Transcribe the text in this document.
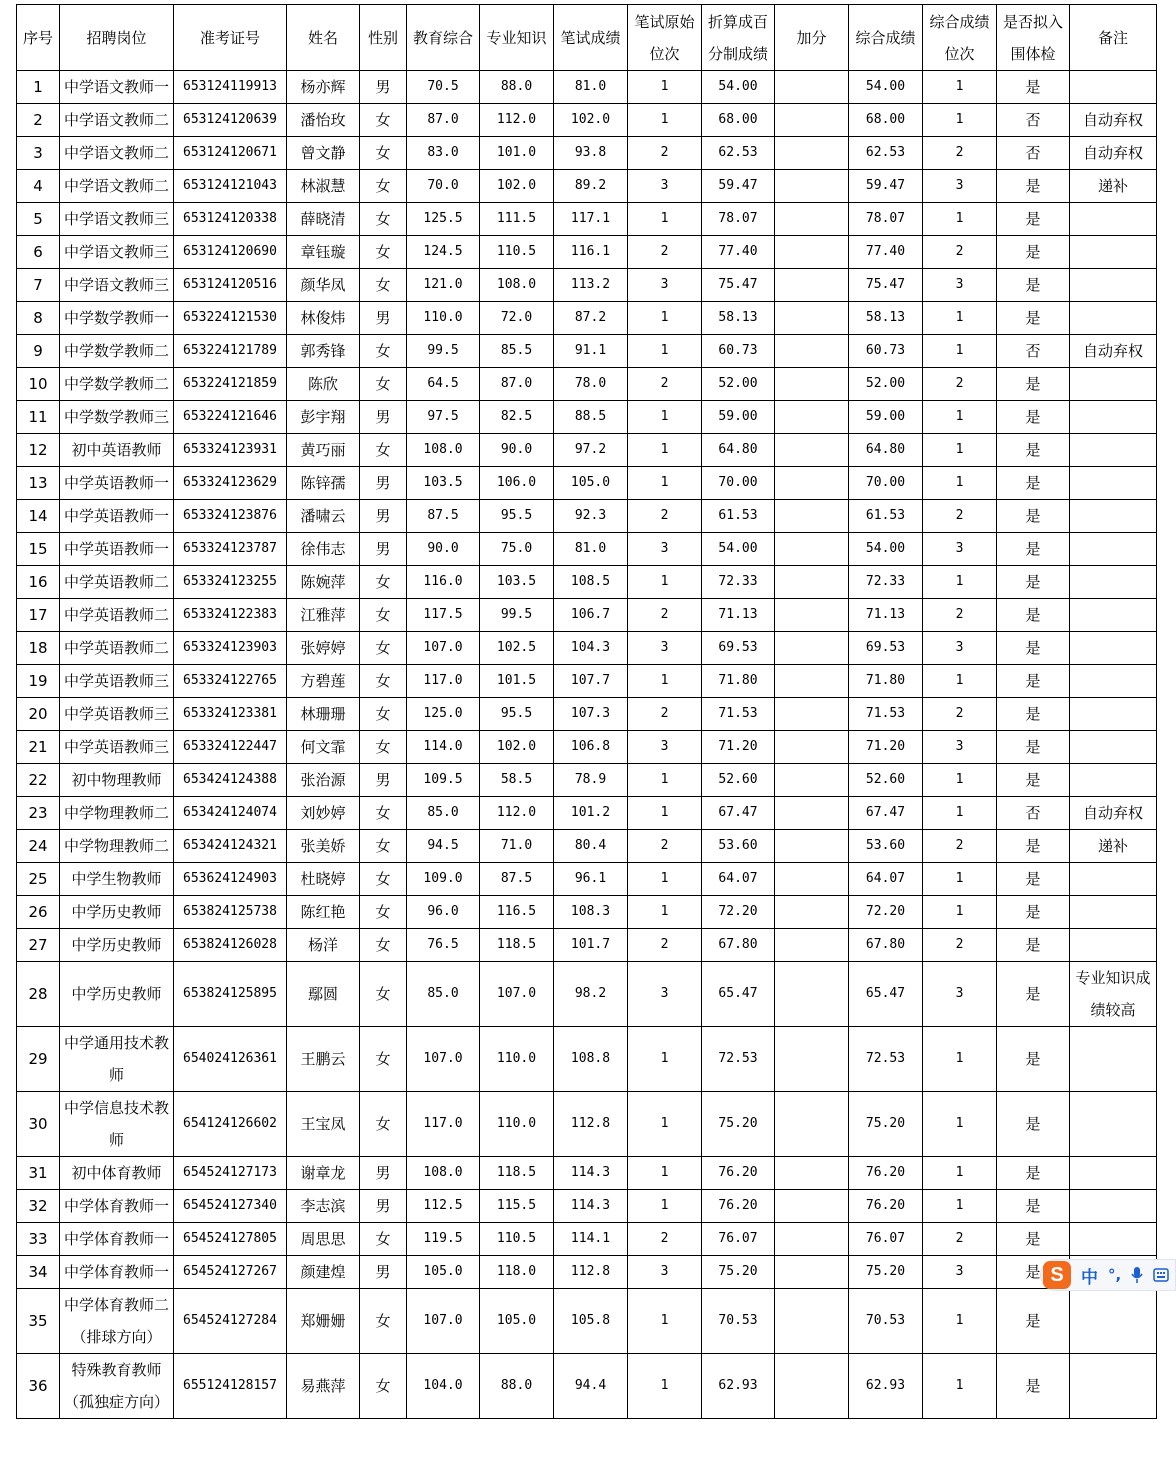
序号	招聘岗位	准考证号	姓名	性别	教育综合	专业知识	笔试成绩	笔试原始位次	折算成百分制成绩	加分	综合成绩	综合成绩位次	是否拟入围体检	备注
1	中学语文教师一	653124119913	杨亦辉	男	70.5	88.0	81.0	1	54.00		54.00	1	是	
2	中学语文教师二	653124120639	潘怡玫	女	87.0	112.0	102.0	1	68.00		68.00	1	否	自动弃权
3	中学语文教师二	653124120671	曾文静	女	83.0	101.0	93.8	2	62.53		62.53	2	否	自动弃权
4	中学语文教师二	653124121043	林淑慧	女	70.0	102.0	89.2	3	59.47		59.47	3	是	递补
5	中学语文教师三	653124120338	薛晓清	女	125.5	111.5	117.1	1	78.07		78.07	1	是	
6	中学语文教师三	653124120690	章钰璇	女	124.5	110.5	116.1	2	77.40		77.40	2	是	
7	中学语文教师三	653124120516	颜华凤	女	121.0	108.0	113.2	3	75.47		75.47	3	是	
8	中学数学教师一	653224121530	林俊炜	男	110.0	72.0	87.2	1	58.13		58.13	1	是	
9	中学数学教师二	653224121789	郭秀锋	女	99.5	85.5	91.1	1	60.73		60.73	1	否	自动弃权
10	中学数学教师二	653224121859	陈欣	女	64.5	87.0	78.0	2	52.00		52.00	2	是	
11	中学数学教师三	653224121646	彭宇翔	男	97.5	82.5	88.5	1	59.00		59.00	1	是	
12	初中英语教师	653324123931	黄巧丽	女	108.0	90.0	97.2	1	64.80		64.80	1	是	
13	中学英语教师一	653324123629	陈锌孺	男	103.5	106.0	105.0	1	70.00		70.00	1	是	
14	中学英语教师一	653324123876	潘啸云	男	87.5	95.5	92.3	2	61.53		61.53	2	是	
15	中学英语教师一	653324123787	徐伟志	男	90.0	75.0	81.0	3	54.00		54.00	3	是	
16	中学英语教师二	653324123255	陈婉萍	女	116.0	103.5	108.5	1	72.33		72.33	1	是	
17	中学英语教师二	653324122383	江雅萍	女	117.5	99.5	106.7	2	71.13		71.13	2	是	
18	中学英语教师二	653324123903	张婷婷	女	107.0	102.5	104.3	3	69.53		69.53	3	是	
19	中学英语教师三	653324122765	方碧莲	女	117.0	101.5	107.7	1	71.80		71.80	1	是	
20	中学英语教师三	653324123381	林珊珊	女	125.0	95.5	107.3	2	71.53		71.53	2	是	
21	中学英语教师三	653324122447	何文霏	女	114.0	102.0	106.8	3	71.20		71.20	3	是	
22	初中物理教师	653424124388	张治源	男	109.5	58.5	78.9	1	52.60		52.60	1	是	
23	中学物理教师二	653424124074	刘妙婷	女	85.0	112.0	101.2	1	67.47		67.47	1	否	自动弃权
24	中学物理教师二	653424124321	张美娇	女	94.5	71.0	80.4	2	53.60		53.60	2	是	递补
25	中学生物教师	653624124903	杜晓婷	女	109.0	87.5	96.1	1	64.07		64.07	1	是	
26	中学历史教师	653824125738	陈红艳	女	96.0	116.5	108.3	1	72.20		72.20	1	是	
27	中学历史教师	653824126028	杨洋	女	76.5	118.5	101.7	2	67.80		67.80	2	是	
28	中学历史教师	653824125895	鄢圆	女	85.0	107.0	98.2	3	65.47		65.47	3	是	专业知识成绩较高
29	中学通用技术教师	654024126361	王鹏云	女	107.0	110.0	108.8	1	72.53		72.53	1	是	
30	中学信息技术教师	654124126602	王宝凤	女	117.0	110.0	112.8	1	75.20		75.20	1	是	
31	初中体育教师	654524127173	谢章龙	男	108.0	118.5	114.3	1	76.20		76.20	1	是	
32	中学体育教师一	654524127340	李志滨	男	112.5	115.5	114.3	1	76.20		76.20	1	是	
33	中学体育教师一	654524127805	周思思	女	119.5	110.5	114.1	2	76.07		76.07	2	是	
34	中学体育教师一	654524127267	颜建煌	男	105.0	118.0	112.8	3	75.20		75.20	3	是	
35	中学体育教师二（排球方向）	654524127284	郑姗姗	女	107.0	105.0	105.8	1	70.53		70.53	1	是	
36	特殊教育教师（孤独症方向）	655124128157	易燕萍	女	104.0	88.0	94.4	1	62.93		62.93	1	是	
S	中 °,
